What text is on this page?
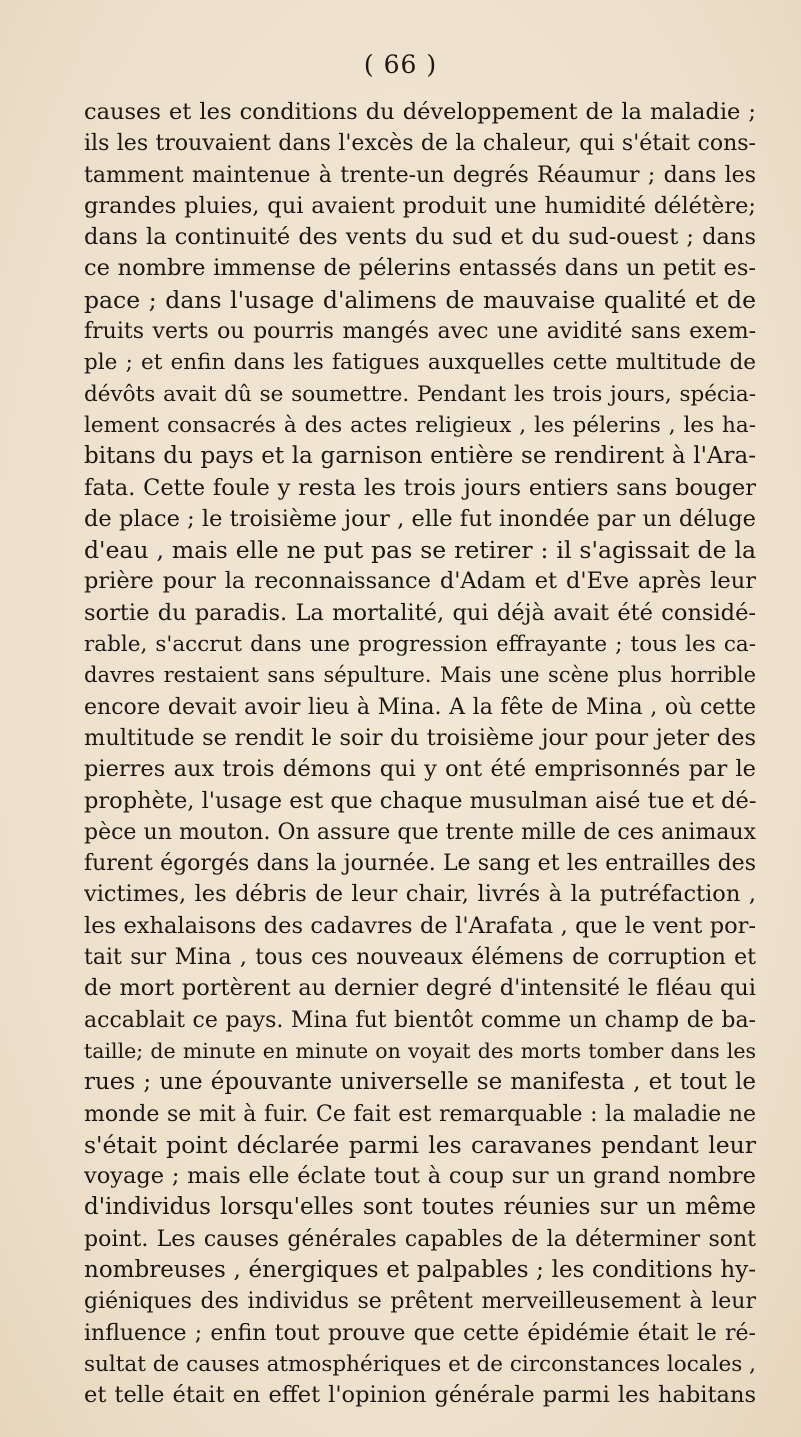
( 66 )
causes et les conditions du développement de la maladie ;
ils les trouvaient dans l'excès de la chaleur, qui s'était cons-
tamment maintenue à trente-un degrés Réaumur ; dans les
grandes pluies, qui avaient produit une humidité délétère;
dans la continuité des vents du sud et du sud-ouest ; dans
ce nombre immense de pélerins entassés dans un petit es-
pace ; dans l'usage d'alimens de mauvaise qualité et de
fruits verts ou pourris mangés avec une avidité sans exem-
ple ; et enfin dans les fatigues auxquelles cette multitude de
dévôts avait dû se soumettre. Pendant les trois jours, spécia-
lement consacrés à des actes religieux , les pélerins , les ha-
bitans du pays et la garnison entière se rendirent à l'Ara-
fata. Cette foule y resta les trois jours entiers sans bouger
de place ; le troisième jour , elle fut inondée par un déluge
d'eau , mais elle ne put pas se retirer : il s'agissait de la
prière pour la reconnaissance d'Adam et d'Eve après leur
sortie du paradis. La mortalité, qui déjà avait été considé-
rable, s'accrut dans une progression effrayante ; tous les ca-
davres restaient sans sépulture. Mais une scène plus horrible
encore devait avoir lieu à Mina. A la fête de Mina , où cette
multitude se rendit le soir du troisième jour pour jeter des
pierres aux trois démons qui y ont été emprisonnés par le
prophète, l'usage est que chaque musulman aisé tue et dé-
pèce un mouton. On assure que trente mille de ces animaux
furent égorgés dans la journée. Le sang et les entrailles des
victimes, les débris de leur chair, livrés à la putréfaction ,
les exhalaisons des cadavres de l'Arafata , que le vent por-
tait sur Mina , tous ces nouveaux élémens de corruption et
de mort portèrent au dernier degré d'intensité le fléau qui
accablait ce pays. Mina fut bientôt comme un champ de ba-
taille; de minute en minute on voyait des morts tomber dans les
rues ; une épouvante universelle se manifesta , et tout le
monde se mit à fuir. Ce fait est remarquable : la maladie ne
s'était point déclarée parmi les caravanes pendant leur
voyage ; mais elle éclate tout à coup sur un grand nombre
d'individus lorsqu'elles sont toutes réunies sur un même
point. Les causes générales capables de la déterminer sont
nombreuses , énergiques et palpables ; les conditions hy-
giéniques des individus se prêtent merveilleusement à leur
influence ; enfin tout prouve que cette épidémie était le ré-
sultat de causes atmosphériques et de circonstances locales ,
et telle était en effet l'opinion générale parmi les habitans
